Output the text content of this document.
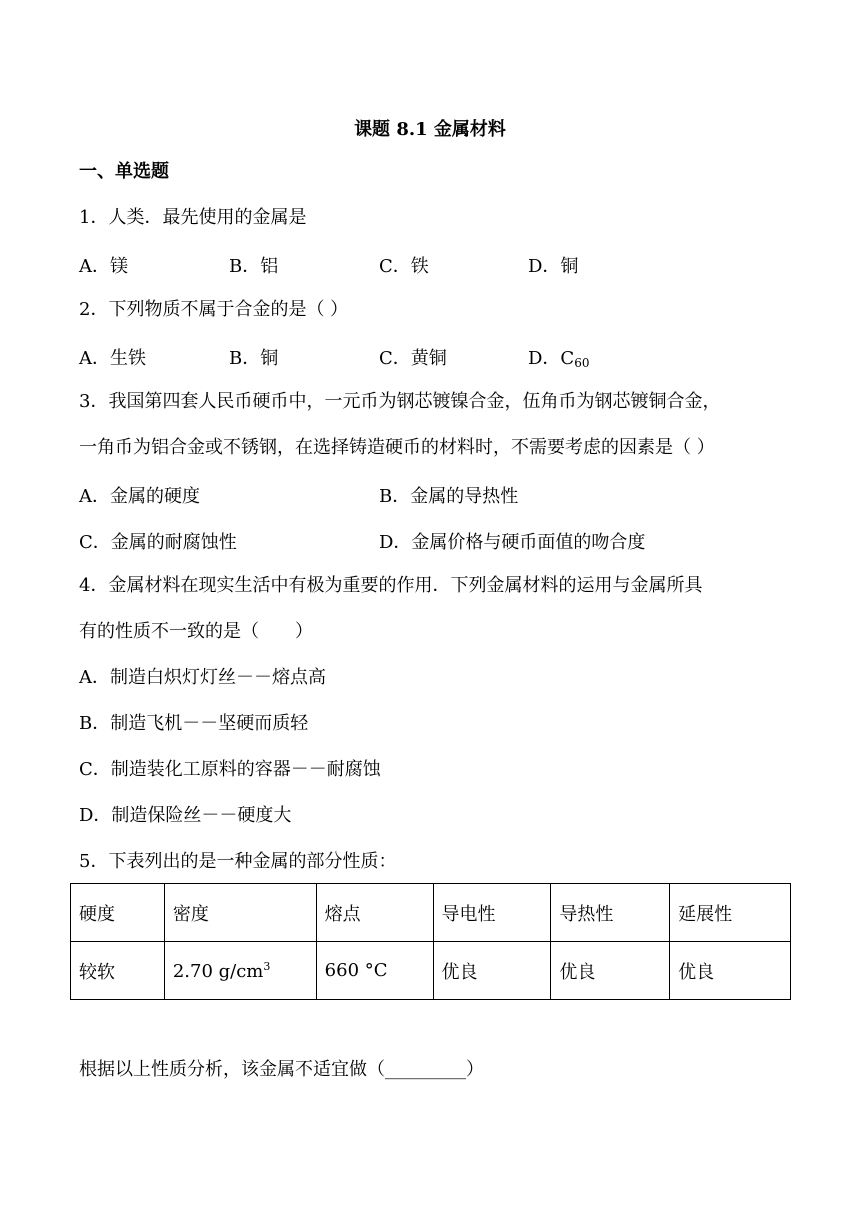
课题 8.1 金属材料
一、单选题
1．人类．最先使用的金属是
A．镁	B．铝	C．铁	D．铜
2．下列物质不属于合金的是（ ）
A．生铁	B．铜	C．黄铜	D．$C_{60}$
3．我国第四套人民币硬币中，一元币为钢芯镀镍合金，伍角币为钢芯镀铜合金，
一角币为铝合金或不锈钢，在选择铸造硬币的材料时，不需要考虑的因素是（ ）
A．金属的硬度	B．金属的导热性
C．金属的耐腐蚀性	D．金属价格与硬币面值的吻合度
4．金属材料在现实生活中有极为重要的作用．下列金属材料的运用与金属所具
有的性质不一致的是（　　）
A．制造白炽灯灯丝－－熔点高
B．制造飞机－－坚硬而质轻
C．制造装化工原料的容器－－耐腐蚀
D．制造保险丝－－硬度大
5．下表列出的是一种金属的部分性质：
硬度	密度	熔点	导电性	导热性	延展性
较软	2.70 $g/cm^3$	660 °C	优良	优良	优良
根据以上性质分析，该金属不适宜做（_________）
